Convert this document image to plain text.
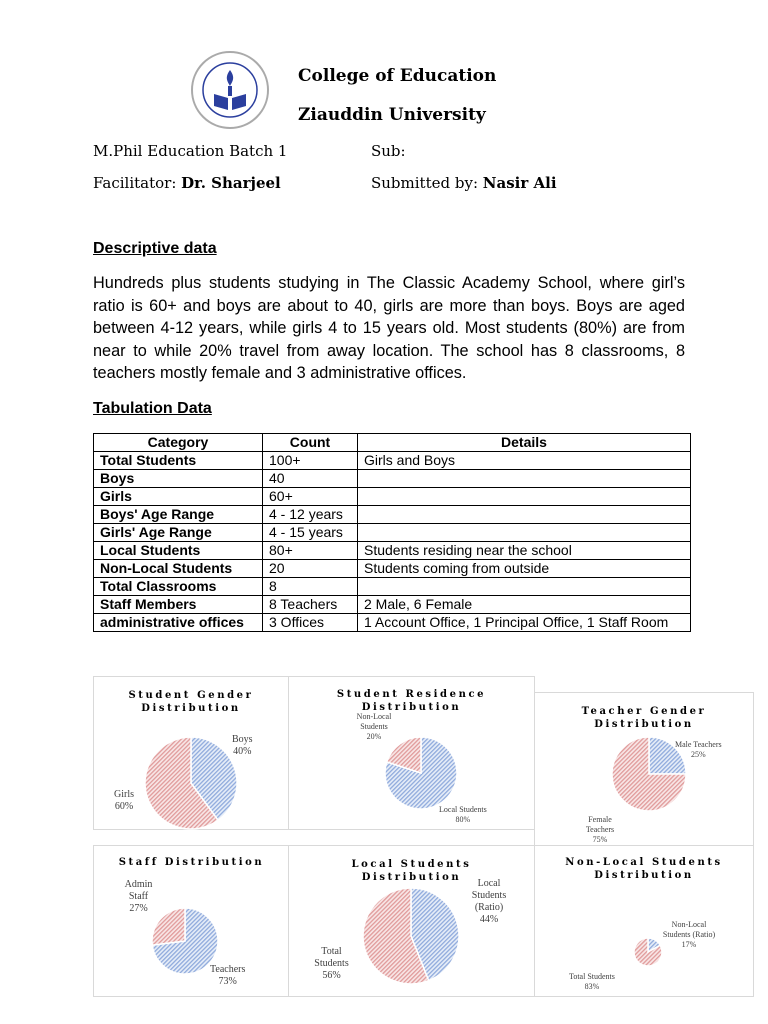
College of Education
Ziauddin University
M.Phil Education Batch 1	Sub:
Facilitator: Dr. Sharjeel	Submitted by: Nasir Ali
Descriptive data
Hundreds plus students studying in The Classic Academy School, where girl’s ratio is 60+ and boys are about to 40, girls are more than boys. Boys are aged between 4-12 years, while girls 4 to 15 years old. Most students (80%) are from near to while 20% travel from away location. The school has 8 classrooms, 8 teachers mostly female and 3 administrative offices.
Tabulation Data
Category	Count	Details
Total Students	100+	Girls and Boys
Boys	40	
Girls	60+	
Boys' Age Range	4 - 12 years	
Girls' Age Range	4 - 15 years	
Local Students	80+	Students residing near the school
Non-Local Students	20	Students coming from outside
Total Classrooms	8	
Staff Members	8 Teachers	2 Male, 6 Female
administrative offices	3 Offices	1 Account Office, 1 Principal Office, 1 Staff Room
Student Gender Distribution
Boys
40%
Girls
60%
Student Residence Distribution
Non-Local Students
20%
Local Students
80%
Teacher Gender Distribution
Male Teachers
25%
Female Teachers
75%
Staff Distribution
Admin Staff
27%
Teachers
73%
Local Students Distribution
Local Students (Ratio)
44%
Total Students
56%
Non-Local Students Distribution
Non-Local Students (Ratio)
17%
Total Students
83%
